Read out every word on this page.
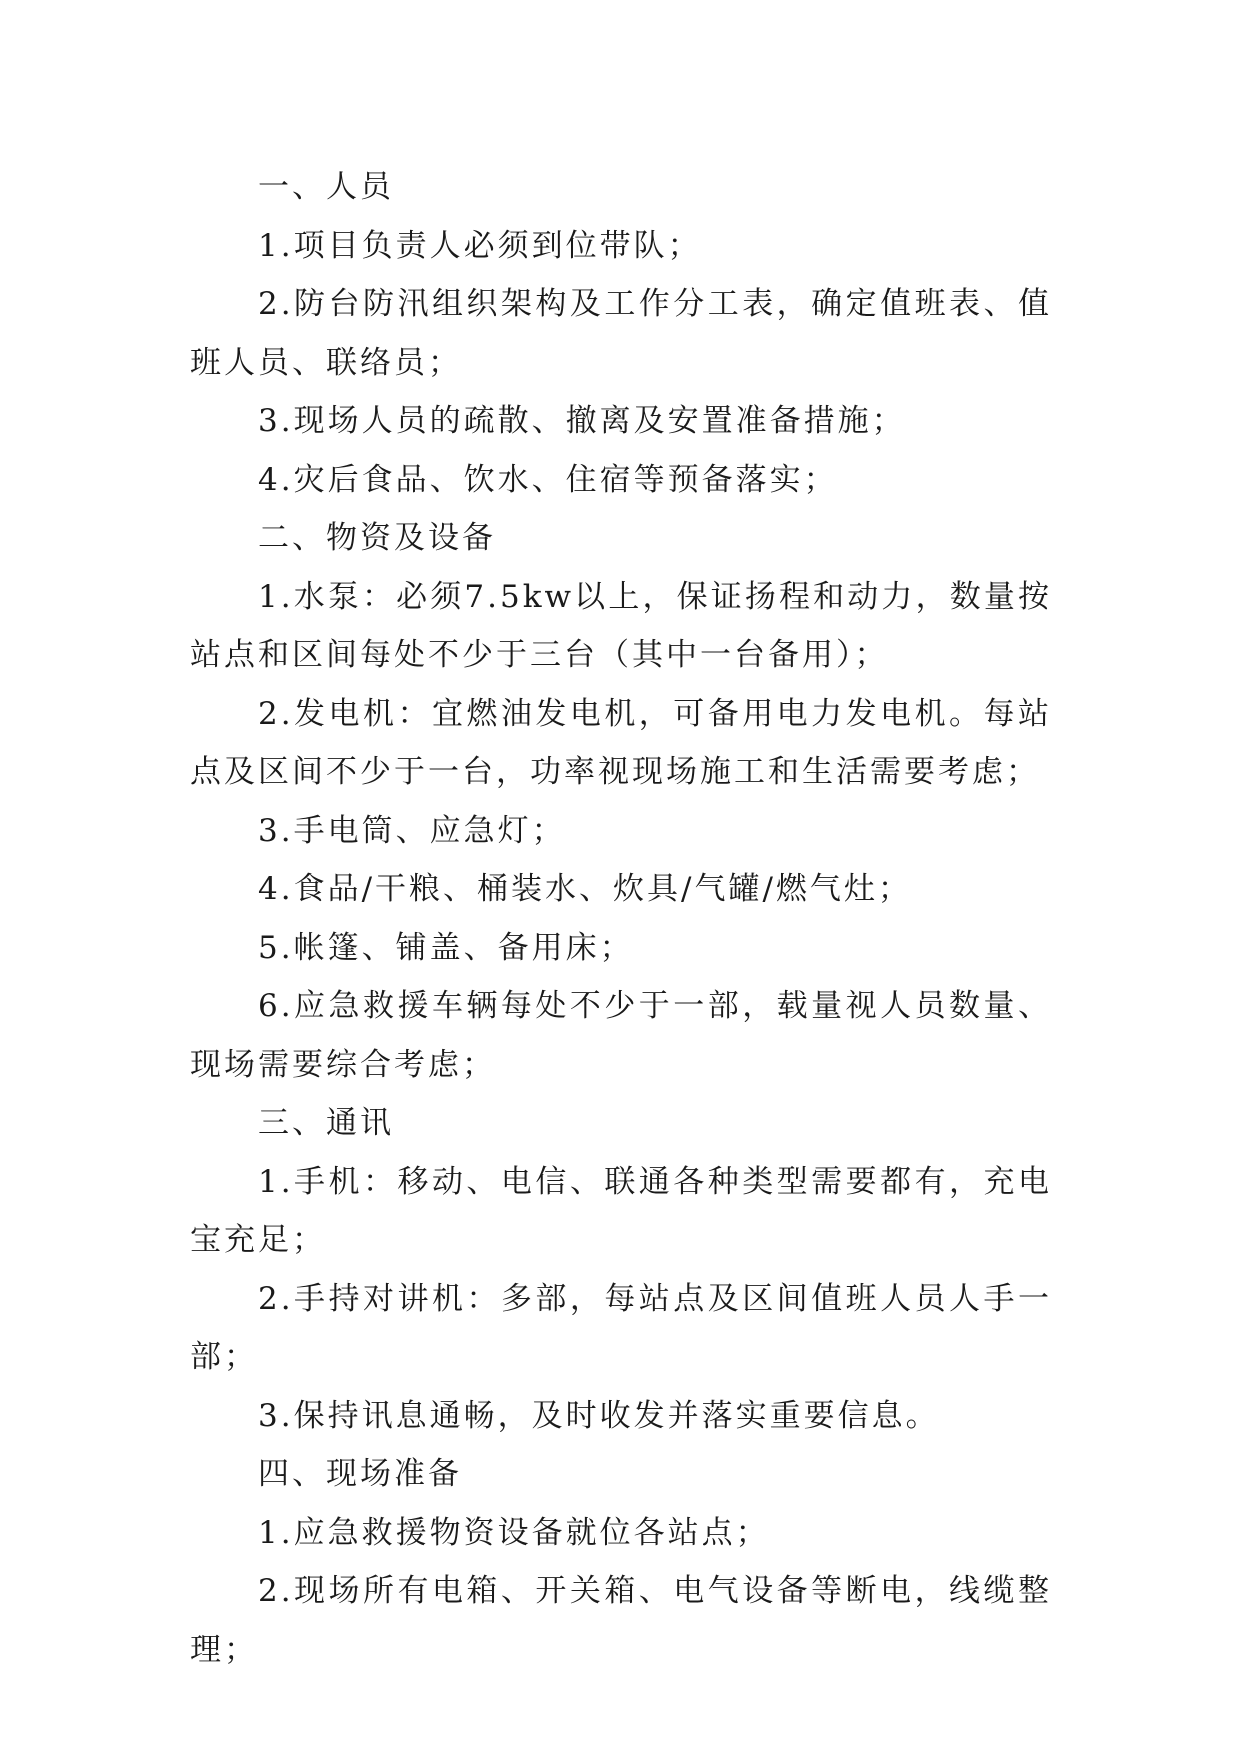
一、人员

1.项目负责人必须到位带队；

2.防台防汛组织架构及工作分工表，确定值班表、值班人员、联络员；

3.现场人员的疏散、撤离及安置准备措施；

4.灾后食品、饮水、住宿等预备落实；

二、物资及设备

1.水泵：必须7.5kw以上，保证扬程和动力，数量按站点和区间每处不少于三台（其中一台备用）；

2.发电机：宜燃油发电机，可备用电力发电机。每站点及区间不少于一台，功率视现场施工和生活需要考虑；

3.手电筒、应急灯；

4.食品/干粮、桶装水、炊具/气罐/燃气灶；

5.帐篷、铺盖、备用床；

6.应急救援车辆每处不少于一部，载量视人员数量、现场需要综合考虑；

三、通讯

1.手机：移动、电信、联通各种类型需要都有，充电宝充足；

2.手持对讲机：多部，每站点及区间值班人员人手一部；

3.保持讯息通畅，及时收发并落实重要信息。

四、现场准备

1.应急救援物资设备就位各站点；

2.现场所有电箱、开关箱、电气设备等断电，线缆整理；
